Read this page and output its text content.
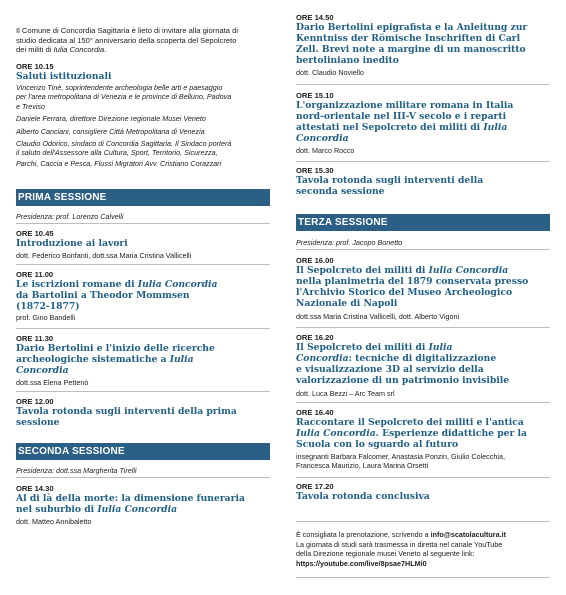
Il Comune di Concordia Sagittaria è lieto di invitare alla giornata di
studio dedicata al 150° anniversario della scoperta del Sepolcreto
dei militi di Iulia Concordia.
ORE 10.15
Saluti istituzionali
Vincenzo Tinè, soprintendente archeologia belle arti e paesaggio
per l'area metropolitana di Venezia e le province di Belluno, Padova
e Treviso
Daniele Ferrara, direttore Direzione regionale Musei Veneto
Alberto Canciani, consigliere Città Metropolitana di Venezia
Claudio Odorico, sindaco di Concordia Sagittaria. Il Sindaco porterà
il saluto dell'Assessore alla Cultura, Sport, Territorio, Sicurezza,
Parchi, Caccia e Pesca, Flussi Migratori Avv. Cristiano Corazzari
PRIMA SESSIONE
Presidenza: prof. Lorenzo Calvelli
ORE 10.45
Introduzione ai lavori
dott. Federico Bonfanti, dott.ssa Maria Cristina Vallicelli
ORE 11.00
Le iscrizioni romane di Iulia Concordia
da Bartolini a Theodor Mommsen
(1872-1877)
prof. Gino Bandelli
ORE 11.30
Dario Bertolini e l'inizio delle ricerche
archeologiche sistematiche a Iulia
Concordia
dott.ssa Elena Pettenò
ORE 12.00
Tavola rotonda sugli interventi della prima
sessione
SECONDA SESSIONE
Presidenza: dott.ssa Margherita Tirelli
ORE 14.30
Al di là della morte: la dimensione funeraria
nel suburbio di Iulia Concordia
dott. Matteo Annibaletto
ORE 14.50
Dario Bertolini epigrafista e la Anleitung zur
Kenntniss der Römische Inschriften di Carl
Zell. Brevi note a margine di un manoscritto
bertoliniano inedito
dott. Claudio Noviello
ORE 15.10
L'organizzazione militare romana in Italia
nord-orientale nel III-V secolo e i reparti
attestati nel Sepolcreto dei militi di Iulia
Concordia
dott. Marco Rocco
ORE 15.30
Tavola rotonda sugli interventi della
seconda sessione
TERZA SESSIONE
Presidenza: prof. Jacopo Bonetto
ORE 16.00
Il Sepolcreto dei militi di Iulia Concordia
nella planimetria del 1879 conservata presso
l'Archivio Storico del Museo Archeologico
Nazionale di Napoli
dott.ssa Maria Cristina Vallicelli, dott. Alberto Vigoni
ORE 16.20
Il Sepolcreto dei militi di Iulia
Concordia: tecniche di digitalizzazione
e visualizzazione 3D al servizio della
valorizzazione di un patrimonio invisibile
dott. Luca Bezzi – Arc Team srl
ORE 16.40
Raccontare il Sepolcreto dei militi e l'antica
Iulia Concordia. Esperienze didattiche per la
Scuola con lo sguardo al futuro
insegnanti Barbara Falcomer, Anastasia Ponzin, Giulio Colecchia,
Francesca Maurizio, Laura Marina Orsetti
ORE 17.20
Tavola rotonda conclusiva
È consigliata la prenotazione, scrivendo a info@scatolacultura.it
La giornata di studi sarà trasmessa in diretta nel canale YouTube
della Direzione regionale musei Veneto al seguente link:
https://youtube.com/live/8psae7HLMi0
